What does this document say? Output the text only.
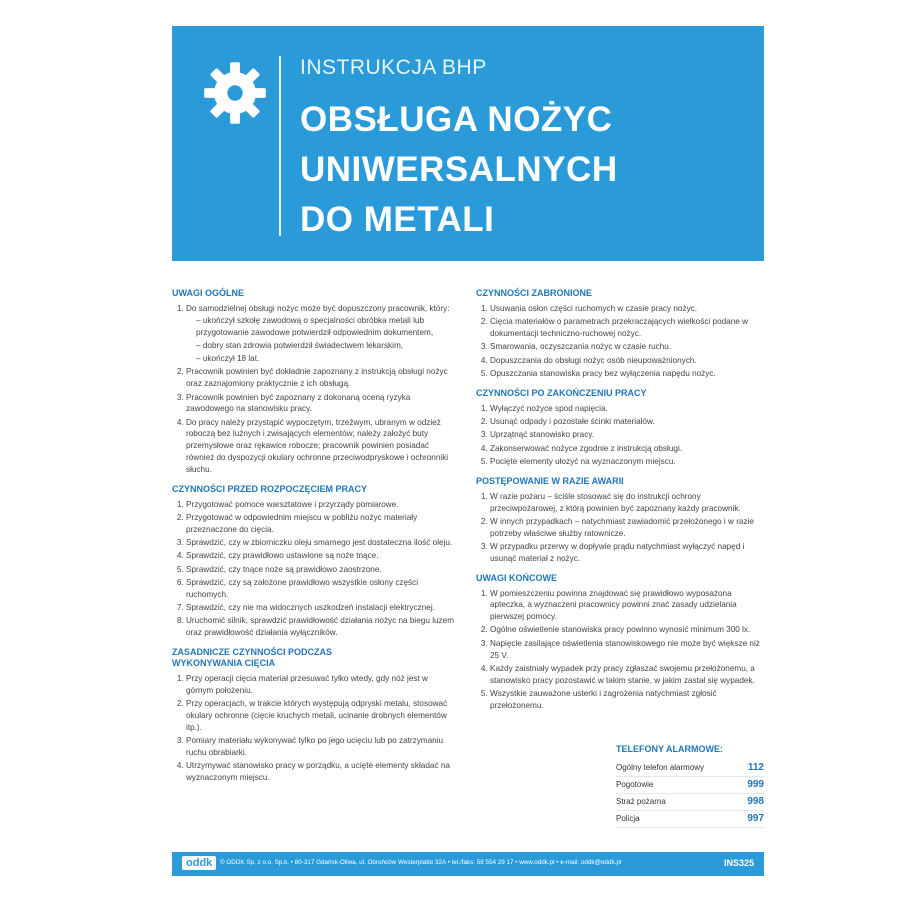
INSTRUKCJA BHP
OBSŁUGA NOŻYC
UNIWERSALNYCH
DO METALI
UWAGI OGÓLNE
1. Do samodzielnej obsługi nożyc może być dopuszczony pracownik, który:
– ukończył szkołę zawodową o specjalności obróbka metali lub przygotowanie zawodowe potwierdził odpowiednim dokumentem,
– dobry stan zdrowia potwierdził świadectwem lekarskim,
– ukończył 18 lat.
2. Pracownik powinien być dokładnie zapoznany z instrukcją obsługi nożyc oraz zaznajomiony praktycznie z ich obsługą.
3. Pracownik powinien być zapoznany z dokonaną oceną ryzyka zawodowego na stanowisku pracy.
4. Do pracy należy przystąpić wypoczętym, trzeźwym, ubranym w odzież roboczą bez luźnych i zwisających elementów; należy założyć buty przemysłowe oraz rękawice robocze; pracownik powinien posiadać również do dyspozycji okulary ochronne przeciwodpryskowe i ochronniki słuchu.
CZYNNOŚCI PRZED ROZPOCZĘCIEM PRACY
1. Przygotować pomoce warsztatowe i przyrządy pomiarowe.
2. Przygotować w odpowiednim miejscu w pobliżu nożyc materiały przeznaczone do cięcia.
3. Sprawdzić, czy w zbiorniczku oleju smarnego jest dostateczna ilość oleju.
4. Sprawdzić, czy prawidłowo ustawione są noże tnące.
5. Sprawdzić, czy tnące noże są prawidłowo zaostrzone.
6. Sprawdzić, czy są założone prawidłowo wszystkie osłony części ruchomych.
7. Sprawdzić, czy nie ma widocznych uszkodzeń instalacji elektrycznej.
8. Uruchomić silnik, sprawdzić prawidłowość działania nożyc na biegu luzem oraz prawidłowość działania wyłączników.
ZASADNICZE CZYNNOŚCI PODCZAS
WYKONYWANIA CIĘCIA
1. Przy operacji cięcia materiał przesuwać tylko wtedy, gdy nóż jest w górnym położeniu.
2. Przy operacjach, w trakcie których występują odpryski metalu, stosować okulary ochronne (cięcie kruchych metali, ucinanie drobnych elementów itp.).
3. Pomiary materiału wykonywać tylko po jego ucięciu lub po zatrzymaniu ruchu obrabiarki.
4. Utrzymywać stanowisko pracy w porządku, a ucięte elementy składać na wyznaczonym miejscu.
CZYNNOŚCI ZABRONIONE
1. Usuwania osłon części ruchomych w czasie pracy nożyc.
2. Cięcia materiałów o parametrach przekraczających wielkości podane w dokumentacji techniczno-ruchowej nożyc.
3. Smarowania, oczyszczania nożyc w czasie ruchu.
4. Dopuszczania do obsługi nożyc osób nieupoważnionych.
5. Opuszczania stanowiska pracy bez wyłączenia napędu nożyc.
CZYNNOŚCI PO ZAKOŃCZENIU PRACY
1. Wyłączyć nożyce spod napięcia.
2. Usunąć odpady i pozostałe ścinki materiałów.
3. Uprzątnąć stanowisko pracy.
4. Zakonserwować nożyce zgodnie z instrukcją obsługi.
5. Pocięte elementy ułożyć na wyznaczonym miejscu.
POSTĘPOWANIE W RAZIE AWARII
1. W razie pożaru – ściśle stosować się do instrukcji ochrony przeciwpożarowej, z którą powinien być zapoznany każdy pracownik.
2. W innych przypadkach – natychmiast zawiadomić przełożonego i w razie potrzeby właściwe służby ratownicze.
3. W przypadku przerwy w dopływie prądu natychmiast wyłączyć napęd i usunąć materiał z nożyc.
UWAGI KOŃCOWE
1. W pomieszczeniu powinna znajdować się prawidłowo wyposażona apteczka, a wyznaczeni pracownicy powinni znać zasady udzielania pierwszej pomocy.
2. Ogólne oświetlenie stanowiska pracy powinno wynosić minimum 300 lx.
3. Napięcie zasilające oświetlenia stanowiskowego nie może być większe niż 25 V.
4. Każdy zaistniały wypadek przy pracy zgłaszać swojemu przełożonemu, a stanowisko pracy pozostawić w takim stanie, w jakim zastał się wypadek.
5. Wszystkie zauważone usterki i zagrożenia natychmiast zgłosić przełożonemu.
TELEFONY ALARMOWE:
Ogólny telefon alarmowy	112
Pogotowie	999
Straż pożarna	998
Policja	997
oddk	© ODDK Sp. z o.o. Sp.k. • 80-317 Gdańsk-Oliwa, ul. Obrońców Westerplatte 32A • tel./faks: 58 554 29 17 • www.oddk.pl • e-mail: oddk@oddk.pl	INS325
